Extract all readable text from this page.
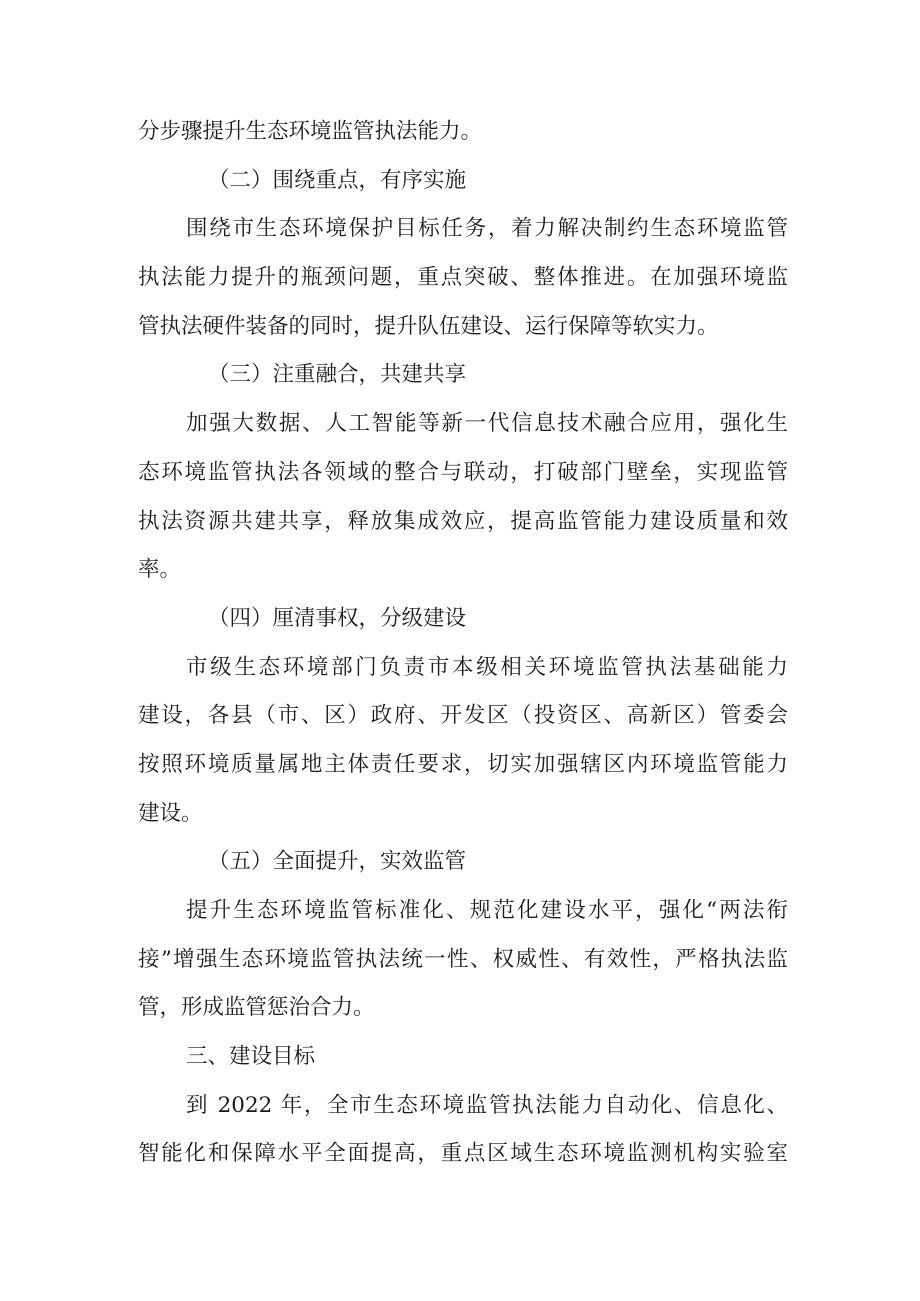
分步骤提升生态环境监管执法能力。
（二）围绕重点，有序实施
围绕市生态环境保护目标任务，着力解决制约生态环境监管
执法能力提升的瓶颈问题，重点突破、整体推进。在加强环境监
管执法硬件装备的同时，提升队伍建设、运行保障等软实力。
（三）注重融合，共建共享
加强大数据、人工智能等新一代信息技术融合应用，强化生
态环境监管执法各领域的整合与联动，打破部门壁垒，实现监管
执法资源共建共享，释放集成效应，提高监管能力建设质量和效
率。
（四）厘清事权，分级建设
市级生态环境部门负责市本级相关环境监管执法基础能力
建设，各县（市、区）政府、开发区（投资区、高新区）管委会
按照环境质量属地主体责任要求，切实加强辖区内环境监管能力
建设。
（五）全面提升，实效监管
提升生态环境监管标准化、规范化建设水平，强化“两法衔
接”增强生态环境监管执法统一性、权威性、有效性，严格执法监
管，形成监管惩治合力。
三、建设目标
到 2022 年，全市生态环境监管执法能力自动化、信息化、
智能化和保障水平全面提高，重点区域生态环境监测机构实验室
